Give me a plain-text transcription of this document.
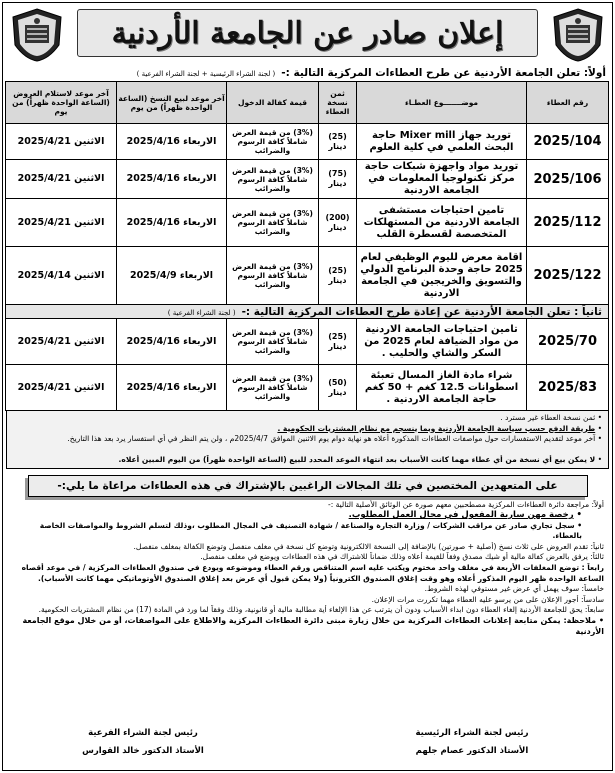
إعلان صادر عن الجامعة الأردنية
أولاً: تعلن الجامعة الأردنية عن طرح العطاءات المركزية التالية :-
( لجنة الشراء الرئيسية + لجنة الشراء الفرعية )
رقم العطاء	موضـــــــوع العطـاء	ثمن نسخة العطاء	قيمة كفالة الدخول	آخر موعد لبيع النسخ (الساعة الواحدة ظهراً) من يوم	آخر موعد لاستلام العروض (الساعة الواحدة ظهراً) من يوم
2025/104	توريد جهاز Mixer mill حاجة البحث العلمي في كلية العلوم	(25) دينار	(3%) من قيمة العرض شاملاً كافة الرسوم والضرائب	الاربعاء 2025/4/16	الاثنين 2025/4/21
2025/106	توريد مواد واجهزة شبكات حاجة مركز تكنولوجيا المعلومات في الجامعة الاردنية	(75) دينار	(3%) من قيمة العرض شاملاً كافة الرسوم والضرائب	الاربعاء 2025/4/16	الاثنين 2025/4/21
2025/112	تامين احتياجات مستشفى الجامعة الاردنية من المستهلكات المتخصصة لقسطرة القلب	(200) دينار	(3%) من قيمة العرض شاملاً كافة الرسوم والضرائب	الاربعاء 2025/4/16	الاثنين 2025/4/21
2025/122	اقامة معرض لليوم الوظيفي لعام 2025 حاجة وحدة البرنامج الدولي والتسويق والخريجين في الجامعة الاردنية	(25) دينار	(3%) من قيمة العرض شاملاً كافة الرسوم والضرائب	الاربعاء 2025/4/9	الاثنين 2025/4/14

ثانياً : تعلن الجامعة الأردنية عن إعادة طرح العطاءات المركزية التالية :-
( لجنة الشراء الفرعية )					

2025/70	تامين احتياجات الجامعة الاردنية من مواد الضيافة لعام 2025 من السكر والشاي والحليب .	(25) دينار	(3%) من قيمة العرض شاملاً كافة الرسوم والضرائب	الاربعاء 2025/4/16	الاثنين 2025/4/21
2025/83	شراء مادة الغاز المسال تعبئة اسطوانات 12.5 كغم + 50 كغم حاجة الجامعة الاردنية .	(50) دينار	(3%) من قيمة العرض شاملاً كافة الرسوم والضرائب	الاربعاء 2025/4/16	الاثنين 2025/4/21
• ثمن نسخة العطاء غير مسترد .
• طريقة الدفع حسب سياسة الجامعة الأردنية وبما ينسجم مع نظام المشتريات الحكومية .
• آخر موعد لتقديم الاستفسارات حول مواصفات العطاءات المذكورة أعلاه هو نهاية دوام يوم الاثنين الموافق 2025/4/7م ، ولن يتم النظر في أي استفسار يرد بعد هذا التاريخ.
• لا يمكن بيع أي نسخة من أي عطاء مهما كانت الأسباب بعد انتهاء الموعد المحدد للبيع (الساعة الواحدة ظهراً) من اليوم المبين أعلاه.
على المتعهدين المختصين في تلك المجالات الراغبين بالإشتراك في هذه العطاءات مراعاة ما يلي:-
أولاً: مراجعة دائرة العطاءات المركزية مصطحبين معهم صورة عن الوثائق الأصلية التالية :-
• رخصة مهن سارية المفعول في مجال العمل المطلوب.
• سجل تجاري صادر عن مراقب الشركات / وزارة التجارة والصناعة / شهادة التصنيف في المجال المطلوب ،وذلك لتسلم الشروط والمواصفات الخاصة بالعطاء.
ثانياً: تقدم العروض على ثلاث نسخ (أصلية + صورتين) بالإضافة إلى النسخة الالكترونية وتوضع كل نسخة في مغلف منفصل وتوضع الكفالة بمغلف منفصل.
ثالثاً: يرفق بالعرض كفالة مالية أو شيك مصدق وفقاً للقيمة أعلاه وذلك ضماناً للاشتراك في هذه العطاءات ويوضع في مغلف منفصل.
رابعاً : توضع المغلفات الأربعة في مغلف واحد مختوم ويكتب عليه اسم المتناقص ورقم العطاء وموضوعه ويودع في صندوق العطاءات المركزية / في موعد أقصاه الساعة الواحدة ظهر اليوم المذكور أعلاه وهو وقت إغلاق الصندوق الكترونياً (ولا يمكن قبول أي عرض بعد إغلاق الصندوق الأوتوماتيكي مهما كانت الأسباب).
خامساً: سوف يهمل أي عرض غير مستوفي لهذه الشروط.
سادساً: أجور الإعلان على من يرسو عليه العطاء مهما تكررت مرات الإعلان.
سابعاً: يحق للجامعة الأردنية إلغاء العطاء دون ابداء الأسباب ودون أن يترتب عن هذا الإلغاء أية مطالبة مالية أو قانونية، وذلك وفقاً لما ورد في المادة (17) من نظام المشتريات الحكومية.
• ملاحظة: يمكن متابعة إعلانات العطاءات المركزية من خلال زيارة مبنى دائرة العطاءات المركزية والاطلاع على المواصفات، أو من خلال موقع الجامعة الأردنية
رئيس لجنة الشراء الرئيسية
الأستاذ الدكتور عصام جلهم
رئيس لجنة الشراء الفرعية
الأستاذ الدكتور خالد القوارس
